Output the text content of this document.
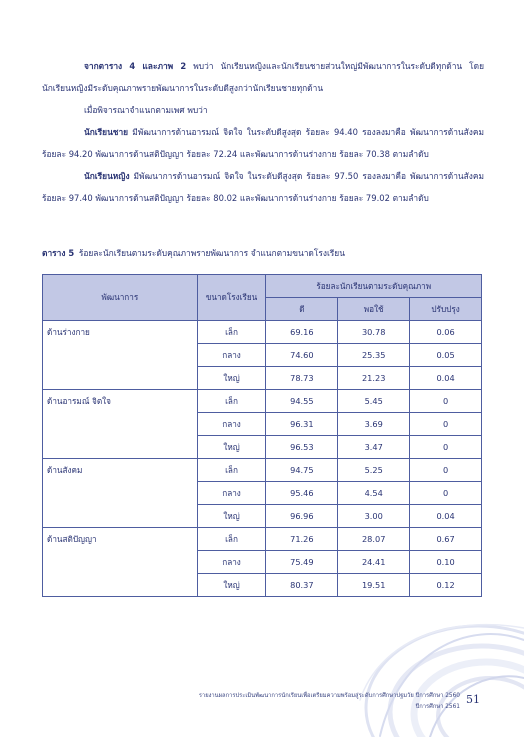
จากตาราง 4 และภาพ 2 พบว่า นักเรียนหญิงและนักเรียนชายส่วนใหญ่มีพัฒนาการในระดับดีทุกด้าน โดยนักเรียนหญิงมีระดับคุณภาพรายพัฒนาการในระดับดีสูงกว่านักเรียนชายทุกด้าน

เมื่อพิจารณาจำแนกตามเพศ พบว่า

นักเรียนชาย มีพัฒนาการด้านอารมณ์ จิตใจ ในระดับดีสูงสุด ร้อยละ 94.40 รองลงมาคือ พัฒนาการด้านสังคม ร้อยละ 94.20 พัฒนาการด้านสติปัญญา ร้อยละ 72.24 และพัฒนาการด้านร่างกาย ร้อยละ 70.38 ตามลำดับ

นักเรียนหญิง มีพัฒนาการด้านอารมณ์ จิตใจ ในระดับดีสูงสุด ร้อยละ 97.50 รองลงมาคือ พัฒนาการด้านสังคม ร้อยละ 97.40 พัฒนาการด้านสติปัญญา ร้อยละ 80.02 และพัฒนาการด้านร่างกาย ร้อยละ 79.02 ตามลำดับ

ตาราง 5 ร้อยละนักเรียนตามระดับคุณภาพรายพัฒนาการ จำแนกตามขนาดโรงเรียน
พัฒนาการ	ขนาดโรงเรียน	ร้อยละนักเรียนตามระดับคุณภาพ		
		ดี	พอใช้	ปรับปรุง
ด้านร่างกาย	เล็ก	69.16	30.78	0.06
	กลาง	74.60	25.35	0.05
	ใหญ่	78.73	21.23	0.04
ด้านอารมณ์ จิตใจ	เล็ก	94.55	5.45	0
	กลาง	96.31	3.69	0
	ใหญ่	96.53	3.47	0
ด้านสังคม	เล็ก	94.75	5.25	0
	กลาง	95.46	4.54	0
	ใหญ่	96.96	3.00	0.04
ด้านสติปัญญา	เล็ก	71.26	28.07	0.67
	กลาง	75.49	24.41	0.10
	ใหญ่	80.37	19.51	0.12
รายงานผลการประเมินพัฒนาการนักเรียนเพื่อเตรียมความพร้อมสู่ระดับการศึกษาปฐมวัย ปีการศึกษา 2560
ปีการศึกษา 2561
51
